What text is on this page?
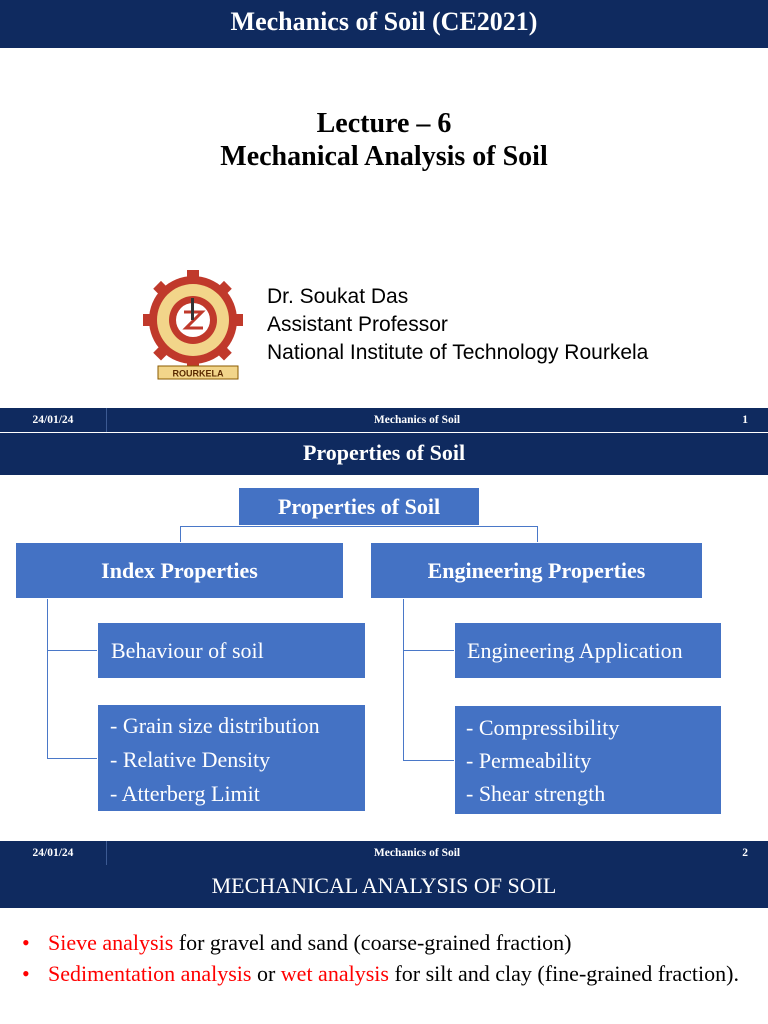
Mechanics of Soil (CE2021)
Lecture – 6
Mechanical Analysis of Soil
ROURKELA
Dr. Soukat Das
Assistant Professor
National Institute of Technology Rourkela
24/01/24	Mechanics of Soil	1
Properties of Soil
Properties of Soil
Index Properties	Engineering Properties
Behaviour of soil	Engineering Application
- Grain size distribution
- Relative Density
- Atterberg Limit
- Compressibility
- Permeability
- Shear strength
24/01/24	Mechanics of Soil	2
MECHANICAL ANALYSIS OF SOIL
• Sieve analysis for gravel and sand (coarse-grained fraction)
• Sedimentation analysis or wet analysis for silt and clay (fine-grained fraction).
